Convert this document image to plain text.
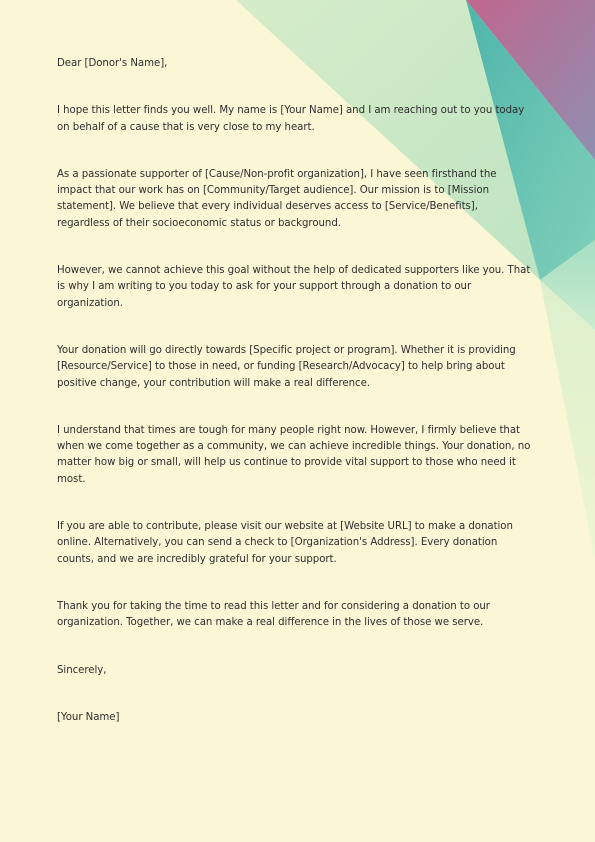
Dear [Donor's Name],

I hope this letter finds you well. My name is [Your Name] and I am reaching out to you today on behalf of a cause that is very close to my heart.

As a passionate supporter of [Cause/Non-profit organization], I have seen firsthand the impact that our work has on [Community/Target audience]. Our mission is to [Mission statement]. We believe that every individual deserves access to [Service/Benefits], regardless of their socioeconomic status or background.

However, we cannot achieve this goal without the help of dedicated supporters like you. That is why I am writing to you today to ask for your support through a donation to our organization.

Your donation will go directly towards [Specific project or program]. Whether it is providing [Resource/Service] to those in need, or funding [Research/Advocacy] to help bring about positive change, your contribution will make a real difference.

I understand that times are tough for many people right now. However, I firmly believe that when we come together as a community, we can achieve incredible things. Your donation, no matter how big or small, will help us continue to provide vital support to those who need it most.

If you are able to contribute, please visit our website at [Website URL] to make a donation online. Alternatively, you can send a check to [Organization's Address]. Every donation counts, and we are incredibly grateful for your support.

Thank you for taking the time to read this letter and for considering a donation to our organization. Together, we can make a real difference in the lives of those we serve.

Sincerely,

[Your Name]
